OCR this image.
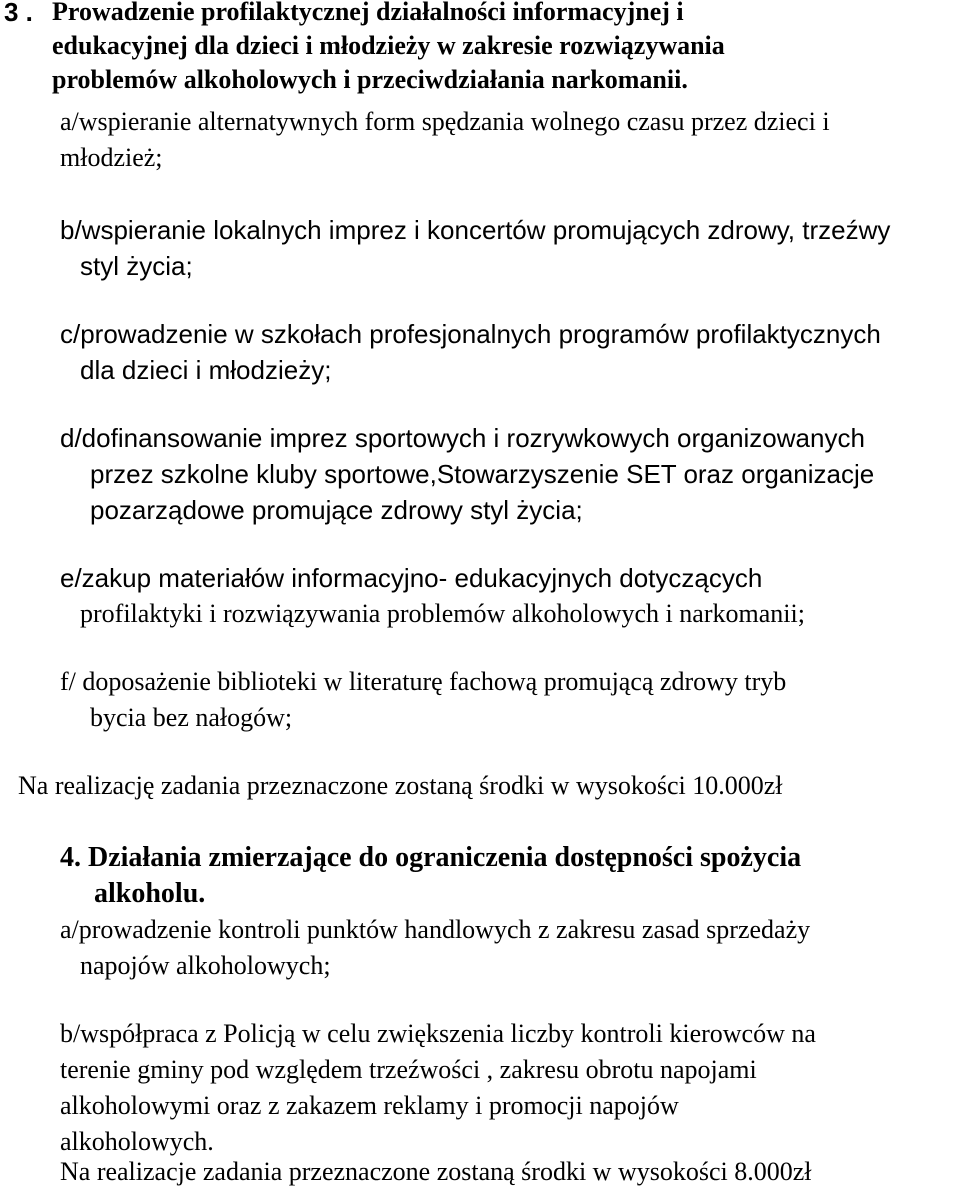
3 . Prowadzenie profilaktycznej działalności informacyjnej i
edukacyjnej dla dzieci i młodzieży w zakresie rozwiązywania
problemów alkoholowych i przeciwdziałania narkomanii.
a/wspieranie alternatywnych form spędzania wolnego czasu przez dzieci i
młodzież;
b/wspieranie lokalnych imprez i koncertów promujących zdrowy, trzeźwy
styl życia;
c/prowadzenie w szkołach profesjonalnych programów profilaktycznych
dla dzieci i młodzieży;
d/dofinansowanie imprez sportowych i rozrywkowych organizowanych
przez szkolne kluby sportowe,Stowarzyszenie SET oraz organizacje
pozarządowe promujące zdrowy styl życia;
e/zakup materiałów informacyjno- edukacyjnych dotyczących
profilaktyki i rozwiązywania problemów alkoholowych i narkomanii;
f/ doposażenie biblioteki w literaturę fachową promującą zdrowy tryb
bycia bez nałogów;
Na realizację zadania przeznaczone zostaną środki w wysokości 10.000zł
4. Działania zmierzające do ograniczenia dostępności spożycia
alkoholu.
a/prowadzenie kontroli punktów handlowych z zakresu zasad sprzedaży
napojów alkoholowych;
b/współpraca z Policją w celu zwiększenia liczby kontroli kierowców na
terenie gminy pod względem trzeźwości , zakresu obrotu napojami
alkoholowymi oraz z zakazem reklamy i promocji napojów
alkoholowych.
Na realizacje zadania przeznaczone zostaną środki w wysokości 8.000zł
